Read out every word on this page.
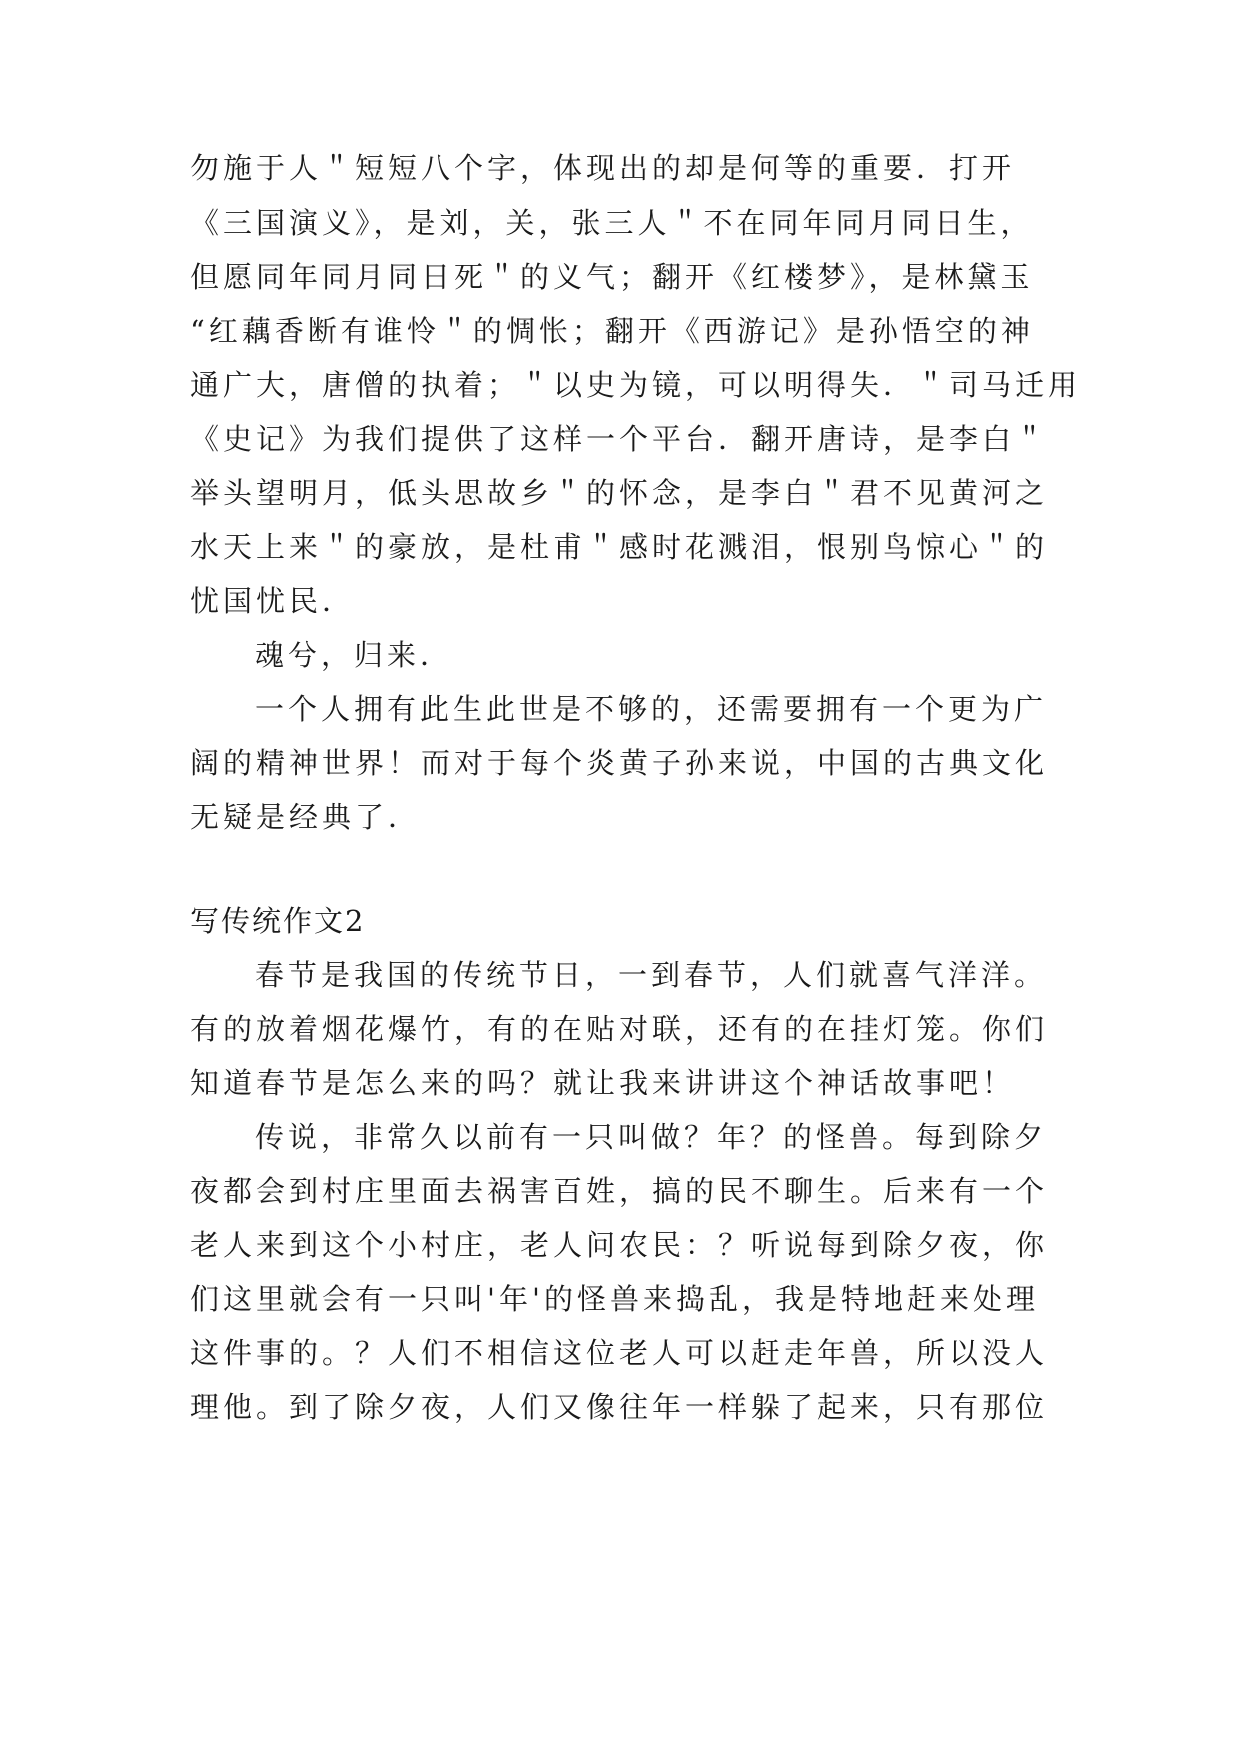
勿施于人＂短短八个字，体现出的却是何等的重要．打开
《三国演义》，是刘，关，张三人＂不在同年同月同日生，
但愿同年同月同日死＂的义气；翻开《红楼梦》，是林黛玉
“红藕香断有谁怜＂的惆怅；翻开《西游记》是孙悟空的神
通广大，唐僧的执着；＂以史为镜，可以明得失．＂司马迁用
《史记》为我们提供了这样一个平台．翻开唐诗，是李白＂
举头望明月，低头思故乡＂的怀念，是李白＂君不见黄河之
水天上来＂的豪放，是杜甫＂感时花溅泪，恨别鸟惊心＂的
忧国忧民．
魂兮，归来．
一个人拥有此生此世是不够的，还需要拥有一个更为广
阔的精神世界！而对于每个炎黄子孙来说，中国的古典文化
无疑是经典了．
写传统作文2
春节是我国的传统节日，一到春节，人们就喜气洋洋。
有的放着烟花爆竹，有的在贴对联，还有的在挂灯笼。你们
知道春节是怎么来的吗？就让我来讲讲这个神话故事吧！
传说，非常久以前有一只叫做？年？的怪兽。每到除夕
夜都会到村庄里面去祸害百姓，搞的民不聊生。后来有一个
老人来到这个小村庄，老人问农民：？听说每到除夕夜，你
们这里就会有一只叫'年'的怪兽来捣乱，我是特地赶来处理
这件事的。？人们不相信这位老人可以赶走年兽，所以没人
理他。到了除夕夜，人们又像往年一样躲了起来，只有那位
